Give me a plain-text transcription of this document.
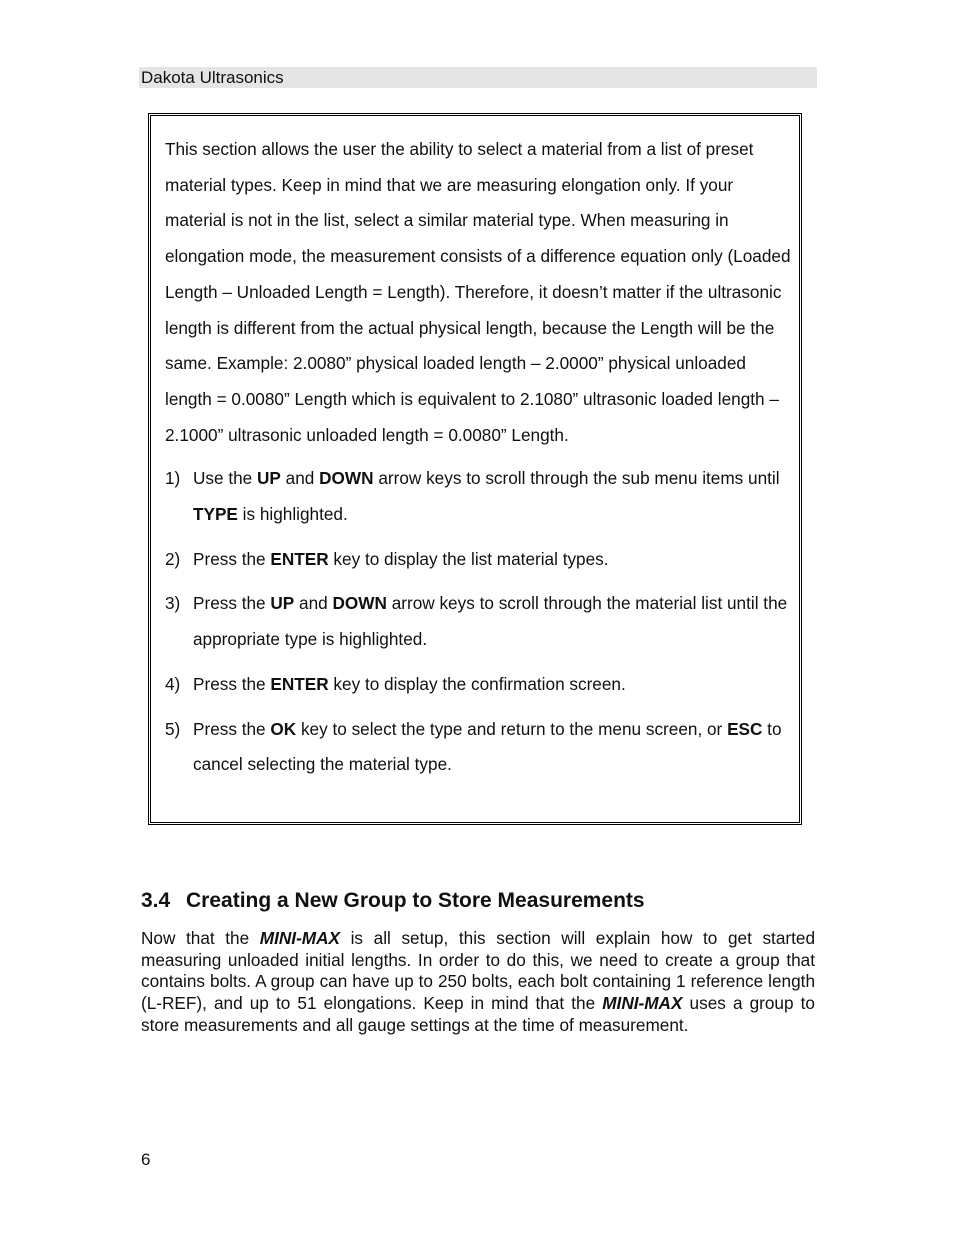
Dakota Ultrasonics

This section allows the user the ability to select a material from a list of preset material types. Keep in mind that we are measuring elongation only. If your material is not in the list, select a similar material type. When measuring in elongation mode, the measurement consists of a difference equation only (Loaded Length – Unloaded Length = Length). Therefore, it doesn’t matter if the ultrasonic length is different from the actual physical length, because the Length will be the same. Example: 2.0080” physical loaded length – 2.0000” physical unloaded length = 0.0080” Length which is equivalent to 2.1080” ultrasonic loaded length – 2.1000” ultrasonic unloaded length = 0.0080” Length.

1) Use the UP and DOWN arrow keys to scroll through the sub menu items until TYPE is highlighted.
2) Press the ENTER key to display the list material types.
3) Press the UP and DOWN arrow keys to scroll through the material list until the appropriate type is highlighted.
4) Press the ENTER key to display the confirmation screen.
5) Press the OK key to select the type and return to the menu screen, or ESC to cancel selecting the material type.
3.4 Creating a New Group to Store Measurements

Now that the MINI-MAX is all setup, this section will explain how to get started measuring unloaded initial lengths. In order to do this, we need to create a group that contains bolts. A group can have up to 250 bolts, each bolt containing 1 reference length (L-REF), and up to 51 elongations. Keep in mind that the MINI-MAX uses a group to store measurements and all gauge settings at the time of measurement.

6
